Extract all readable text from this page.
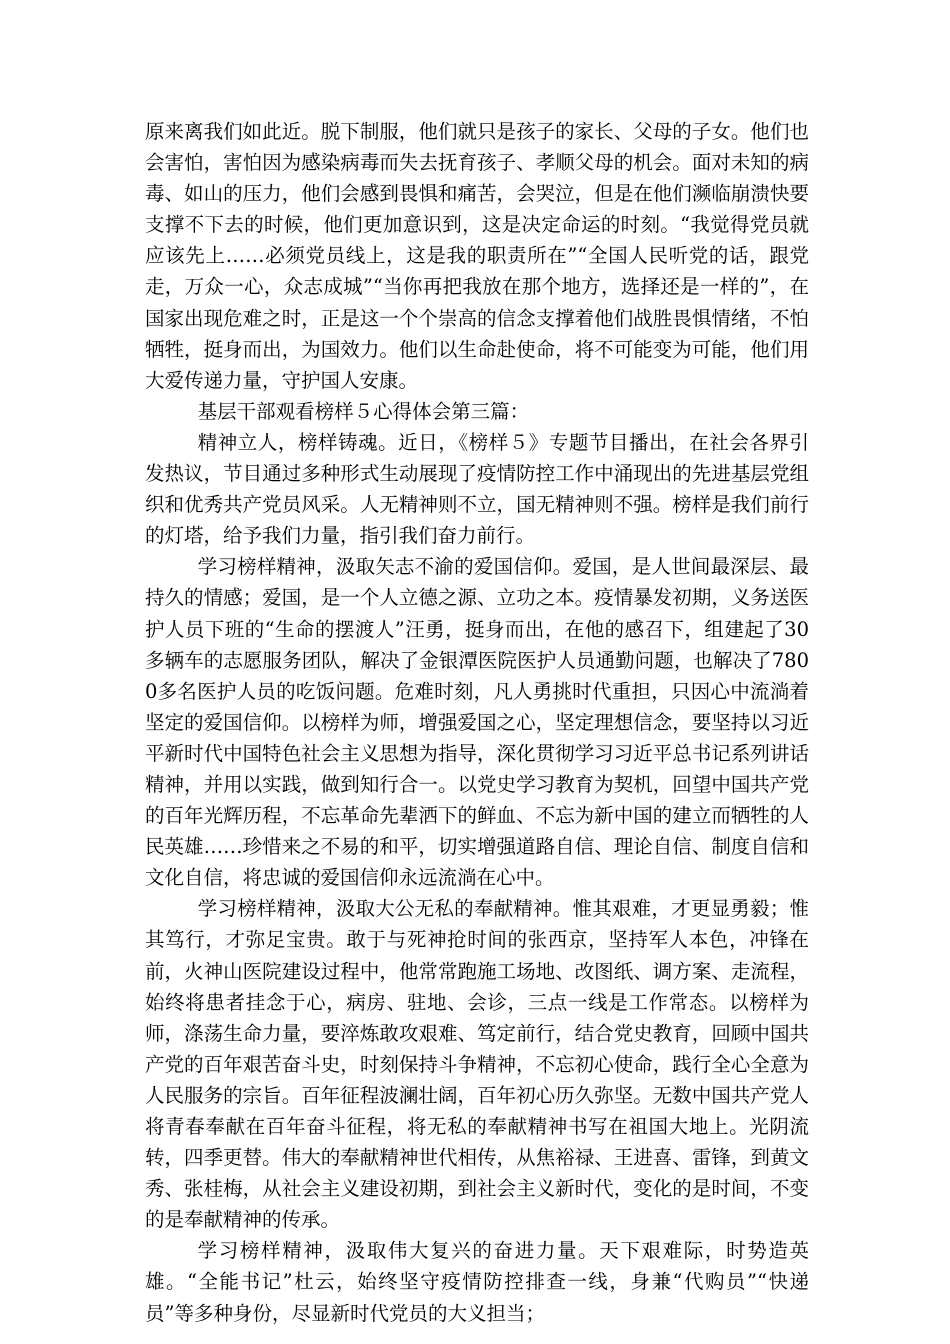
原来离我们如此近。脱下制服，他们就只是孩子的家长、父母的子女。他们也会害怕，害怕因为感染病毒而失去抚育孩子、孝顺父母的机会。面对未知的病毒、如山的压力，他们会感到畏惧和痛苦，会哭泣，但是在他们濒临崩溃快要支撑不下去的时候，他们更加意识到，这是决定命运的时刻。“我觉得党员就应该先上……必须党员线上，这是我的职责所在”“全国人民听党的话，跟党走，万众一心，众志成城”“当你再把我放在那个地方，选择还是一样的”，在国家出现危难之时，正是这一个个崇高的信念支撑着他们战胜畏惧情绪，不怕牺牲，挺身而出，为国效力。他们以生命赴使命，将不可能变为可能，他们用大爱传递力量，守护国人安康。

基层干部观看榜样５心得体会第三篇：

精神立人，榜样铸魂。近日，《榜样５》专题节目播出，在社会各界引发热议，节目通过多种形式生动展现了疫情防控工作中涌现出的先进基层党组织和优秀共产党员风采。人无精神则不立，国无精神则不强。榜样是我们前行的灯塔，给予我们力量，指引我们奋力前行。

学习榜样精神，汲取矢志不渝的爱国信仰。爱国，是人世间最深层、最持久的情感；爱国，是一个人立德之源、立功之本。疫情暴发初期，义务送医护人员下班的“生命的摆渡人”汪勇，挺身而出，在他的感召下，组建起了30多辆车的志愿服务团队，解决了金银潭医院医护人员通勤问题，也解决了7800多名医护人员的吃饭问题。危难时刻，凡人勇挑时代重担，只因心中流淌着坚定的爱国信仰。以榜样为师，增强爱国之心，坚定理想信念，要坚持以习近平新时代中国特色社会主义思想为指导，深化贯彻学习习近平总书记系列讲话精神，并用以实践，做到知行合一。以党史学习教育为契机，回望中国共产党的百年光辉历程，不忘革命先辈洒下的鲜血、不忘为新中国的建立而牺牲的人民英雄……珍惜来之不易的和平，切实增强道路自信、理论自信、制度自信和文化自信，将忠诚的爱国信仰永远流淌在心中。

学习榜样精神，汲取大公无私的奉献精神。惟其艰难，才更显勇毅；惟其笃行，才弥足宝贵。敢于与死神抢时间的张西京，坚持军人本色，冲锋在前，火神山医院建设过程中，他常常跑施工场地、改图纸、调方案、走流程，始终将患者挂念于心，病房、驻地、会诊，三点一线是工作常态。以榜样为师，涤荡生命力量，要淬炼敢攻艰难、笃定前行，结合党史教育，回顾中国共产党的百年艰苦奋斗史，时刻保持斗争精神，不忘初心使命，践行全心全意为人民服务的宗旨。百年征程波澜壮阔，百年初心历久弥坚。无数中国共产党人将青春奉献在百年奋斗征程，将无私的奉献精神书写在祖国大地上。光阴流转，四季更替。伟大的奉献精神世代相传，从焦裕禄、王进喜、雷锋，到黄文秀、张桂梅，从社会主义建设初期，到社会主义新时代，变化的是时间，不变的是奉献精神的传承。

学习榜样精神，汲取伟大复兴的奋进力量。天下艰难际，时势造英雄。“全能书记”杜云，始终坚守疫情防控排查一线，身兼“代购员”“快递员”等多种身份，尽显新时代党员的大义担当；
